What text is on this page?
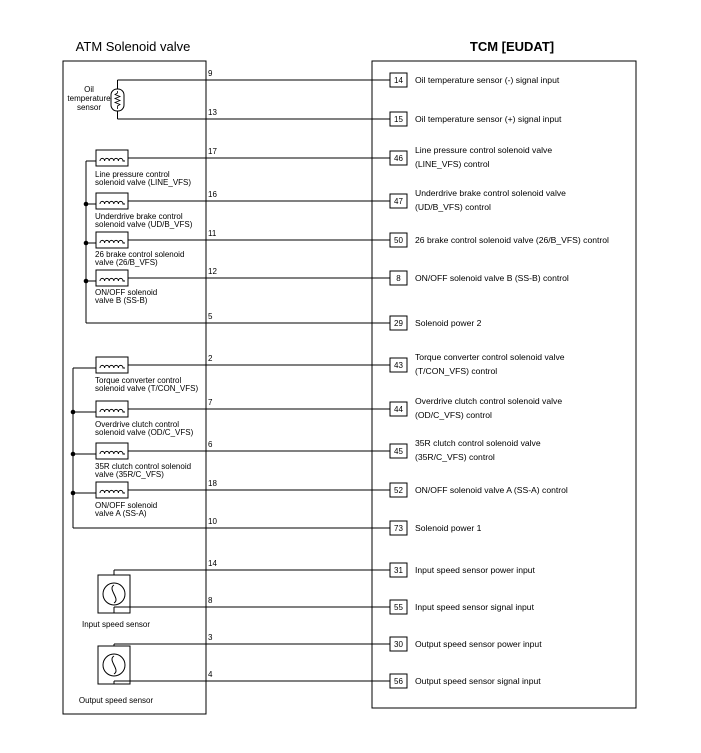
ATM Solenoid valve	TCM [EUDAT]
Oil
temperature
sensor
Line pressure control
solenoid valve (LINE_VFS)
Underdrive brake control
solenoid valve (UD/B_VFS)
26 brake control solenoid
valve (26/B_VFS)
ON/OFF solenoid
valve B (SS-B)
Torque converter control
solenoid valve (T/CON_VFS)
Overdrive clutch control
solenoid valve (OD/C_VFS)
35R clutch control solenoid
valve (35R/C_VFS)
ON/OFF solenoid
valve A (SS-A)
Input speed sensor
Output speed sensor
9
14 Oil temperature sensor (-) signal input
13
15 Oil temperature sensor (+) signal input
17
46
Line pressure control solenoid valve
(LINE_VFS) control
16
47
Underdrive brake control solenoid valve
(UD/B_VFS) control
11
50 26 brake control solenoid valve (26/B_VFS) control
12
8 ON/OFF solenoid valve B (SS-B) control
5
29 Solenoid power 2
2
43
Torque converter control solenoid valve
(T/CON_VFS) control
7
44
Overdrive clutch control solenoid valve
(OD/C_VFS) control
6
45
35R clutch control solenoid valve
(35R/C_VFS) control
18
52 ON/OFF solenoid valve A (SS-A) control
10
73 Solenoid power 1
14
31 Input speed sensor power input
8
55 Input speed sensor signal input
3
30 Output speed sensor power input
4
56 Output speed sensor signal input
